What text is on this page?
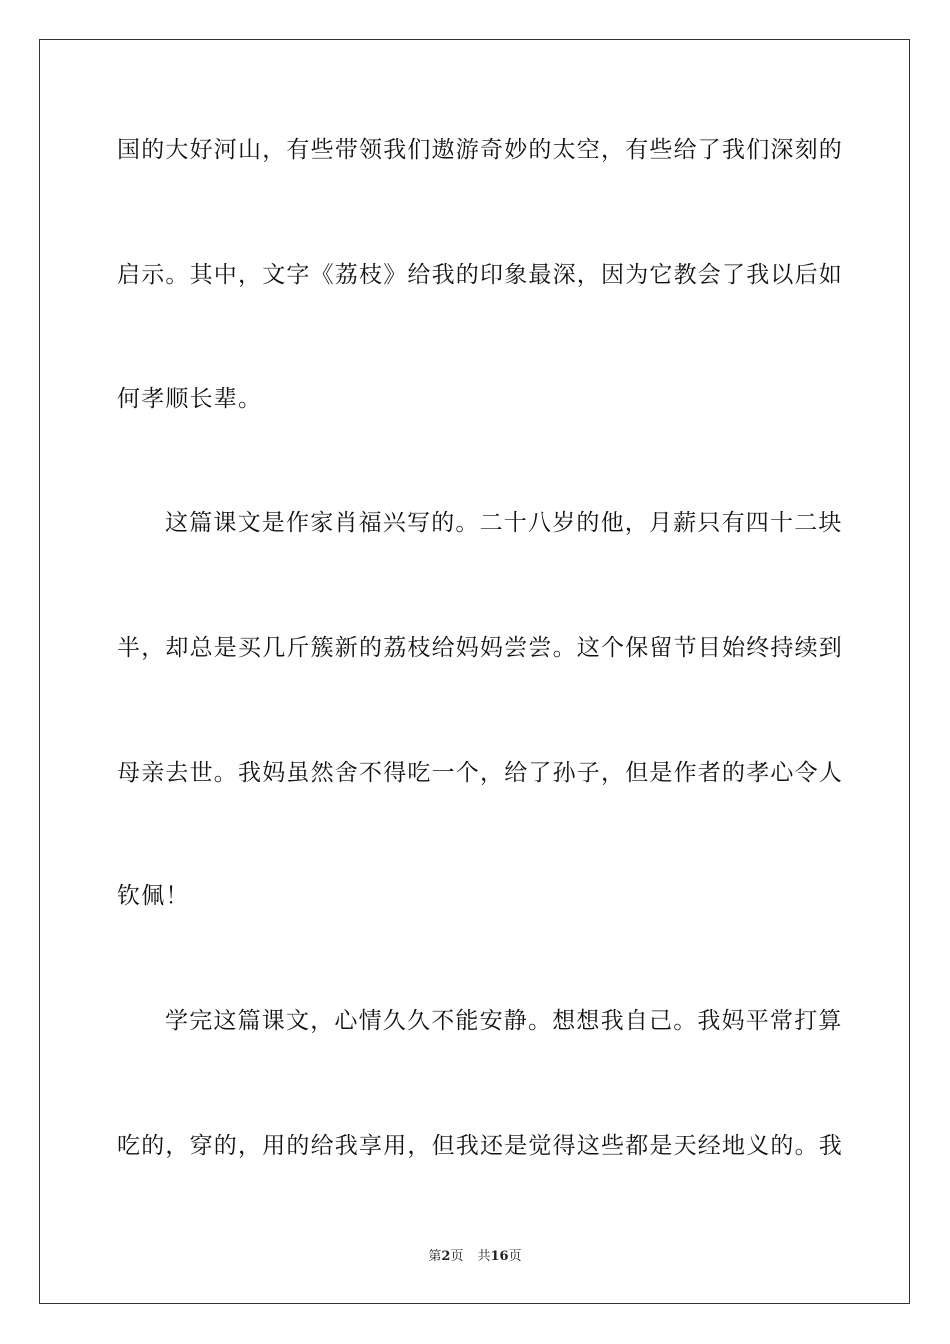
国的大好河山，有些带领我们遨游奇妙的太空，有些给了我们深刻的
启示。其中，文字《荔枝》给我的印象最深，因为它教会了我以后如
何孝顺长辈。
这篇课文是作家肖福兴写的。二十八岁的他，月薪只有四十二块
半，却总是买几斤簇新的荔枝给妈妈尝尝。这个保留节目始终持续到
母亲去世。我妈虽然舍不得吃一个，给了孙子，但是作者的孝心令人
钦佩！
学完这篇课文，心情久久不能安静。想想我自己。我妈平常打算
吃的，穿的，用的给我享用，但我还是觉得这些都是天经地义的。我
第2页 共16页
